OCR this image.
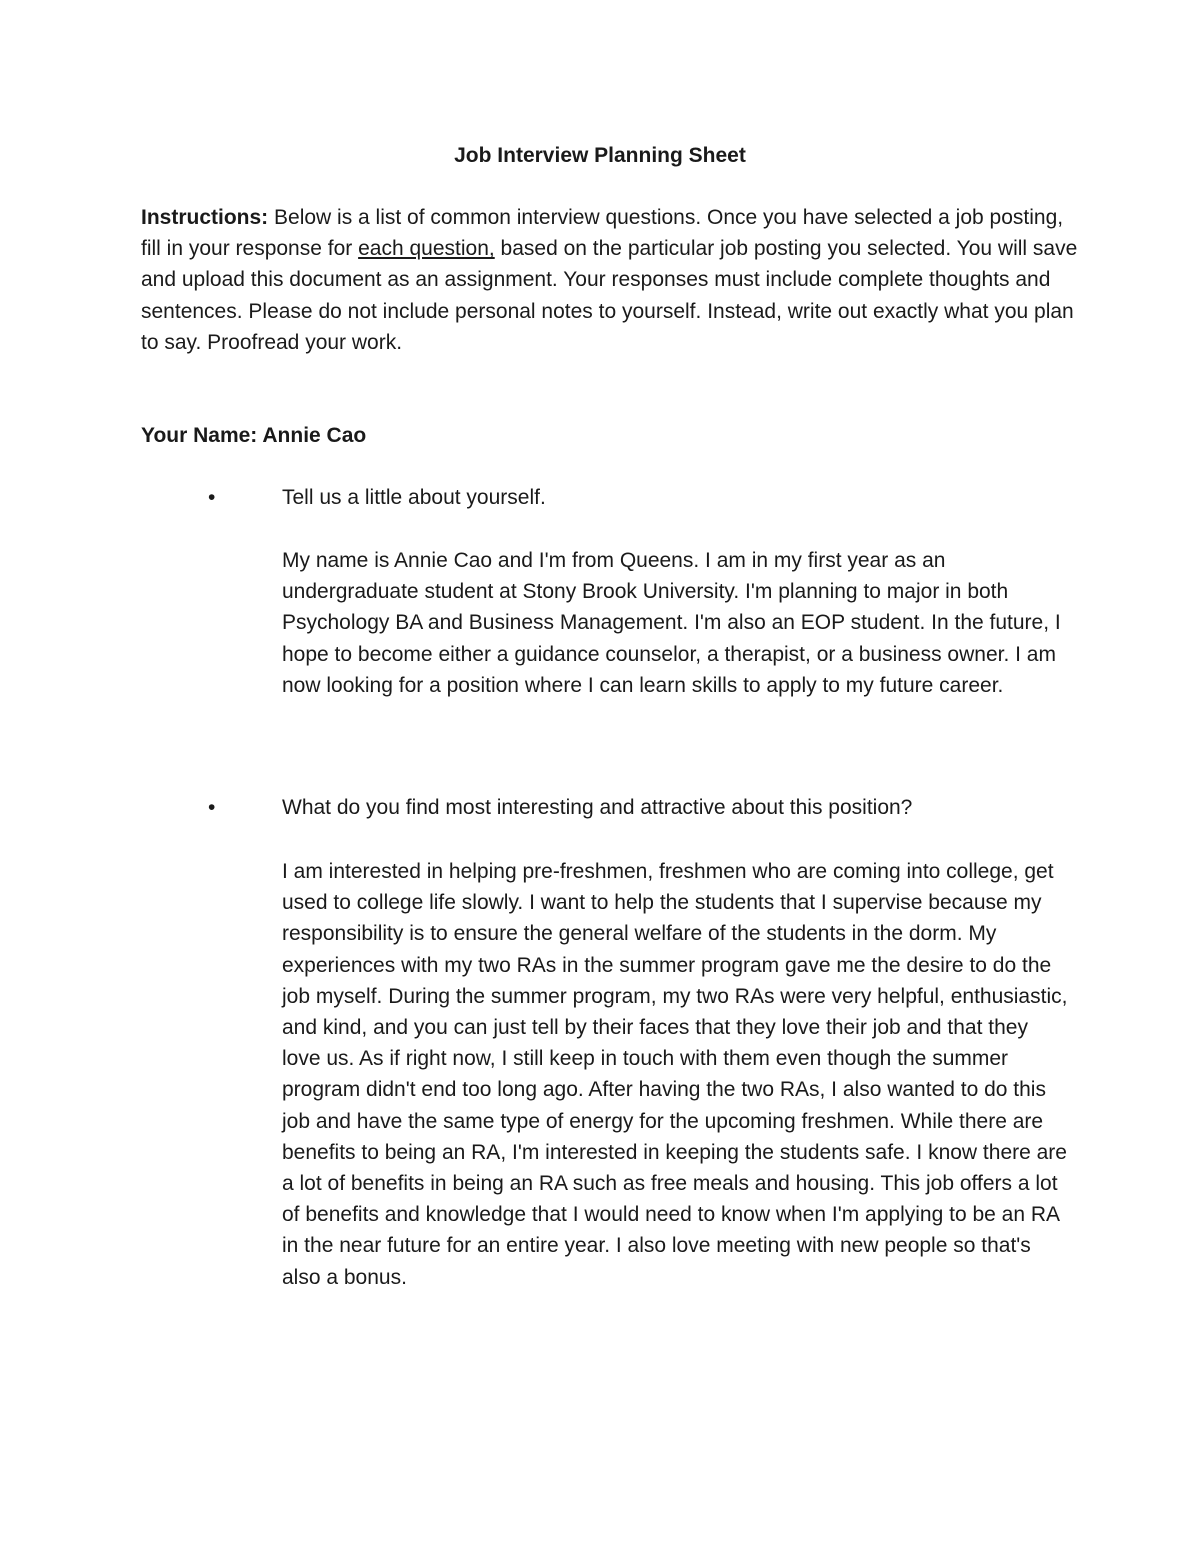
Job Interview Planning Sheet
Instructions: Below is a list of common interview questions. Once you have selected a job posting, fill in your response for each question, based on the particular job posting you selected. You will save and upload this document as an assignment. Your responses must include complete thoughts and sentences. Please do not include personal notes to yourself. Instead, write out exactly what you plan to say. Proofread your work.
Your Name: Annie Cao
•	Tell us a little about yourself.
My name is Annie Cao and I'm from Queens. I am in my first year as an undergraduate student at Stony Brook University. I'm planning to major in both Psychology BA and Business Management. I'm also an EOP student. In the future, I hope to become either a guidance counselor, a therapist, or a business owner. I am now looking for a position where I can learn skills to apply to my future career.
•	What do you find most interesting and attractive about this position?
I am interested in helping pre-freshmen, freshmen who are coming into college, get used to college life slowly. I want to help the students that I supervise because my responsibility is to ensure the general welfare of the students in the dorm. My experiences with my two RAs in the summer program gave me the desire to do the job myself. During the summer program, my two RAs were very helpful, enthusiastic, and kind, and you can just tell by their faces that they love their job and that they love us. As if right now, I still keep in touch with them even though the summer program didn't end too long ago. After having the two RAs, I also wanted to do this job and have the same type of energy for the upcoming freshmen. While there are benefits to being an RA, I'm interested in keeping the students safe. I know there are a lot of benefits in being an RA such as free meals and housing. This job offers a lot of benefits and knowledge that I would need to know when I'm applying to be an RA in the near future for an entire year. I also love meeting with new people so that's also a bonus.
